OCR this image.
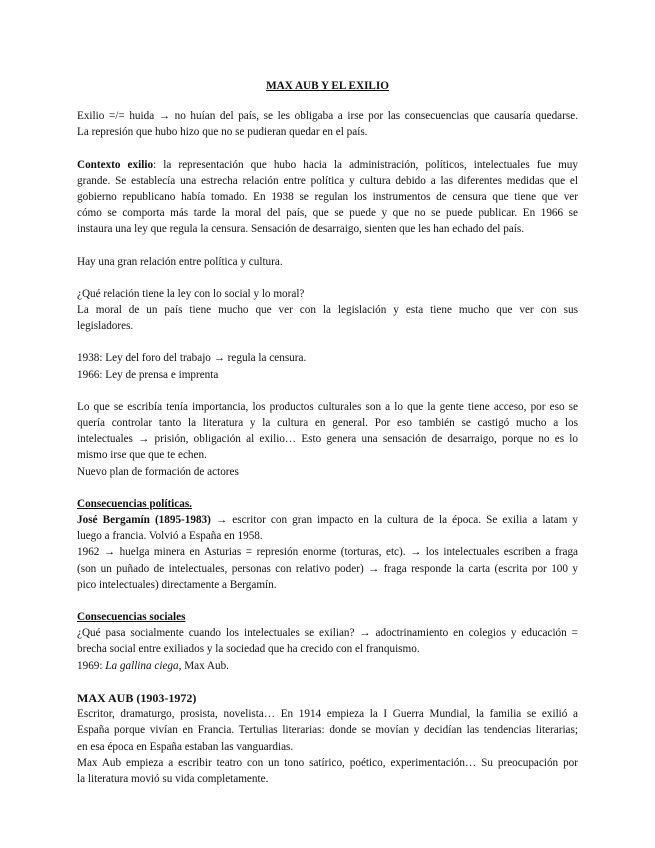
MAX AUB Y EL EXILIO

Exilio =/= huida → no huían del país, se les obligaba a irse por las consecuencias que causaría quedarse.
La represión que hubo hizo que no se pudieran quedar en el país.

Contexto exilio: la representación que hubo hacia la administración, políticos, intelectuales fue muy
grande. Se establecía una estrecha relación entre política y cultura debido a las diferentes medidas que el
gobierno republicano había tomado. En 1938 se regulan los instrumentos de censura que tiene que ver
cómo se comporta más tarde la moral del país, que se puede y que no se puede publicar. En 1966 se
instaura una ley que regula la censura. Sensación de desarraigo, sienten que les han echado del país.

Hay una gran relación entre política y cultura.

¿Qué relación tiene la ley con lo social y lo moral?
La moral de un país tiene mucho que ver con la legislación y esta tiene mucho que ver con sus
legisladores.

1938: Ley del foro del trabajo → regula la censura.
1966: Ley de prensa e imprenta

Lo que se escribía tenía importancia, los productos culturales son a lo que la gente tiene acceso, por eso se
quería controlar tanto la literatura y la cultura en general. Por eso también se castigó mucho a los
intelectuales → prisión, obligación al exilio… Esto genera una sensación de desarraigo, porque no es lo
mismo irse que que te echen.
Nuevo plan de formación de actores

Consecuencias políticas.
José Bergamín (1895-1983) → escritor con gran impacto en la cultura de la época. Se exilia a latam y
luego a francia. Volvió a España en 1958.
1962 → huelga minera en Asturias = represión enorme (torturas, etc). → los intelectuales escriben a fraga
(son un puñado de intelectuales, personas con relativo poder) → fraga responde la carta (escrita por 100 y
pico intelectuales) directamente a Bergamín.

Consecuencias sociales
¿Qué pasa socialmente cuando los intelectuales se exilian? → adoctrinamiento en colegios y educación =
brecha social entre exiliados y la sociedad que ha crecido con el franquismo.
1969: La gallina ciega, Max Aub.

MAX AUB (1903-1972)
Escritor, dramaturgo, prosista, novelista… En 1914 empieza la I Guerra Mundial, la familia se exilió a
España porque vivían en Francia. Tertulias literarias: donde se movían y decidían las tendencias literarias;
en esa época en España estaban las vanguardias.
Max Aub empieza a escribir teatro con un tono satírico, poético, experimentación… Su preocupación por
la literatura movió su vida completamente.
